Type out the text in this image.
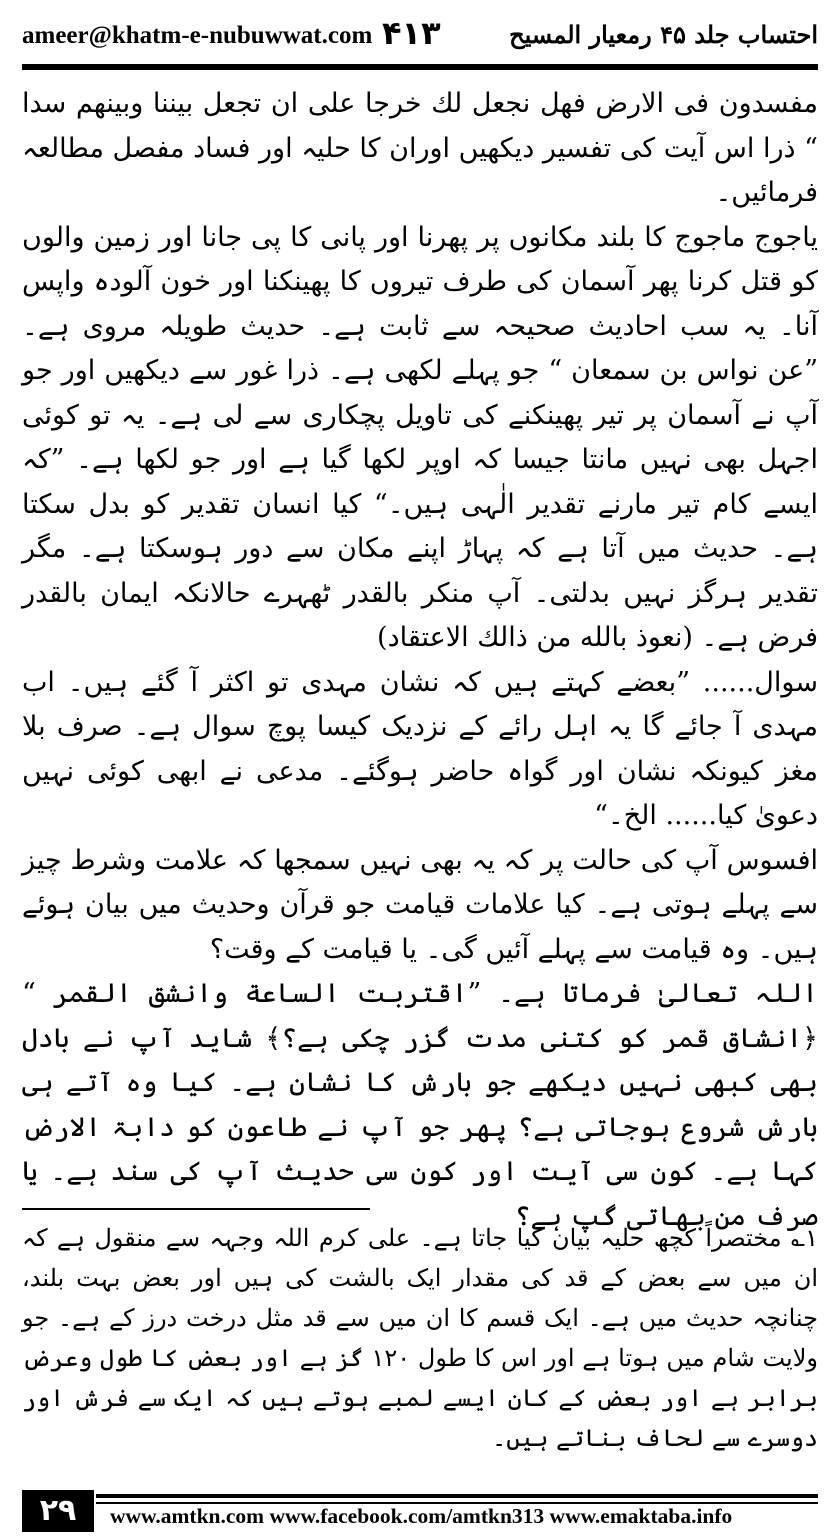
ameer@khatm-e-nubuwwat.com ۴۱۳	احتساب جلد ۴۵ رمعیار المسیح

مفسدون فی الارض فهل نجعل لك خرجا علی ان تجعل بیننا وبینهم سدا “ ذرا اس آیت کی تفسیر دیکھیں اوران کا حلیہ اور فساد مفصل مطالعہ فرمائیں۔

یاجوج ماجوج کا بلند مکانوں پر پھرنا اور پانی کا پی جانا اور زمین والوں کو قتل کرنا پھر آسمان کی طرف تیروں کا پھینکنا اور خون آلودہ واپس آنا۔ یہ سب احادیث صحیحہ سے ثابت ہے۔ حدیث طویلہ مروی ہے۔ ”عن نواس بن سمعان “ جو پہلے لکھی ہے۔ ذرا غور سے دیکھیں اور جو آپ نے آسمان پر تیر پھینکنے کی تاویل پچکاری سے لی ہے۔ یہ تو کوئی اجہل بھی نہیں مانتا جیسا کہ اوپر لکھا گیا ہے اور جو لکھا ہے۔ ”کہ ایسے کام تیر مارنے تقدیر الٰہی ہیں۔“ کیا انسان تقدیر کو بدل سکتا ہے۔ حدیث میں آتا ہے کہ پہاڑ اپنے مکان سے دور ہوسکتا ہے۔ مگر تقدیر ہرگز نہیں بدلتی۔ آپ منکر بالقدر ٹھہرے حالانکہ ایمان بالقدر فرض ہے۔ (نعوذ بالله من ذالك الاعتقاد)

سوال...... ”بعضے کہتے ہیں کہ نشان مہدی تو اکثر آ گئے ہیں۔ اب مہدی آ جائے گا یہ اہل رائے کے نزدیک کیسا پوچ سوال ہے۔ صرف بلا مغز کیونکہ نشان اور گواہ حاضر ہوگئے۔ مدعی نے ابھی کوئی نہیں دعویٰ کیا...... الخ۔“

افسوس آپ کی حالت پر کہ یہ بھی نہیں سمجھا کہ علامت وشرط چیز سے پہلے ہوتی ہے۔ کیا علامات قیامت جو قرآن وحدیث میں بیان ہوئے ہیں۔ وہ قیامت سے پہلے آئیں گی۔ یا قیامت کے وقت؟

اللہ تعالیٰ فرماتا ہے۔ ”اقتربت الساعة وانشق القمر “ ﴿انشاق قمر کو کتنی مدت گزر چکی ہے؟﴾ شاید آپ نے بادل بھی کبھی نہیں دیکھے جو بارش کا نشان ہے۔ کیا وہ آتے ہی بارش شروع ہوجاتی ہے؟ پھر جو آپ نے طاعون کو دابۃ الارض کہا ہے۔ کون سی آیت اور کون سی حدیث آپ کی سند ہے۔ یا صرف من بھاتی گپ ہے؟

۱؎ مختصراً کچھ حلیہ بیان کیا جاتا ہے۔ علی کرم اللہ وجہہ سے منقول ہے کہ ان میں سے بعض کے قد کی مقدار ایک بالشت کی ہیں اور بعض بہت بلند، چنانچہ حدیث میں ہے۔ ایک قسم کا ان میں سے قد مثل درخت درز کے ہے۔ جو ولایت شام میں ہوتا ہے اور اس کا طول ۱۲۰ گز ہے اور بعض کا طول وعرض برابر ہے اور بعض کے کان ایسے لمبے ہوتے ہیں کہ ایک سے فرش اور دوسرے سے لحاف بناتے ہیں۔

۲۹	www.amtkn.com www.facebook.com/amtkn313 www.emaktaba.info
